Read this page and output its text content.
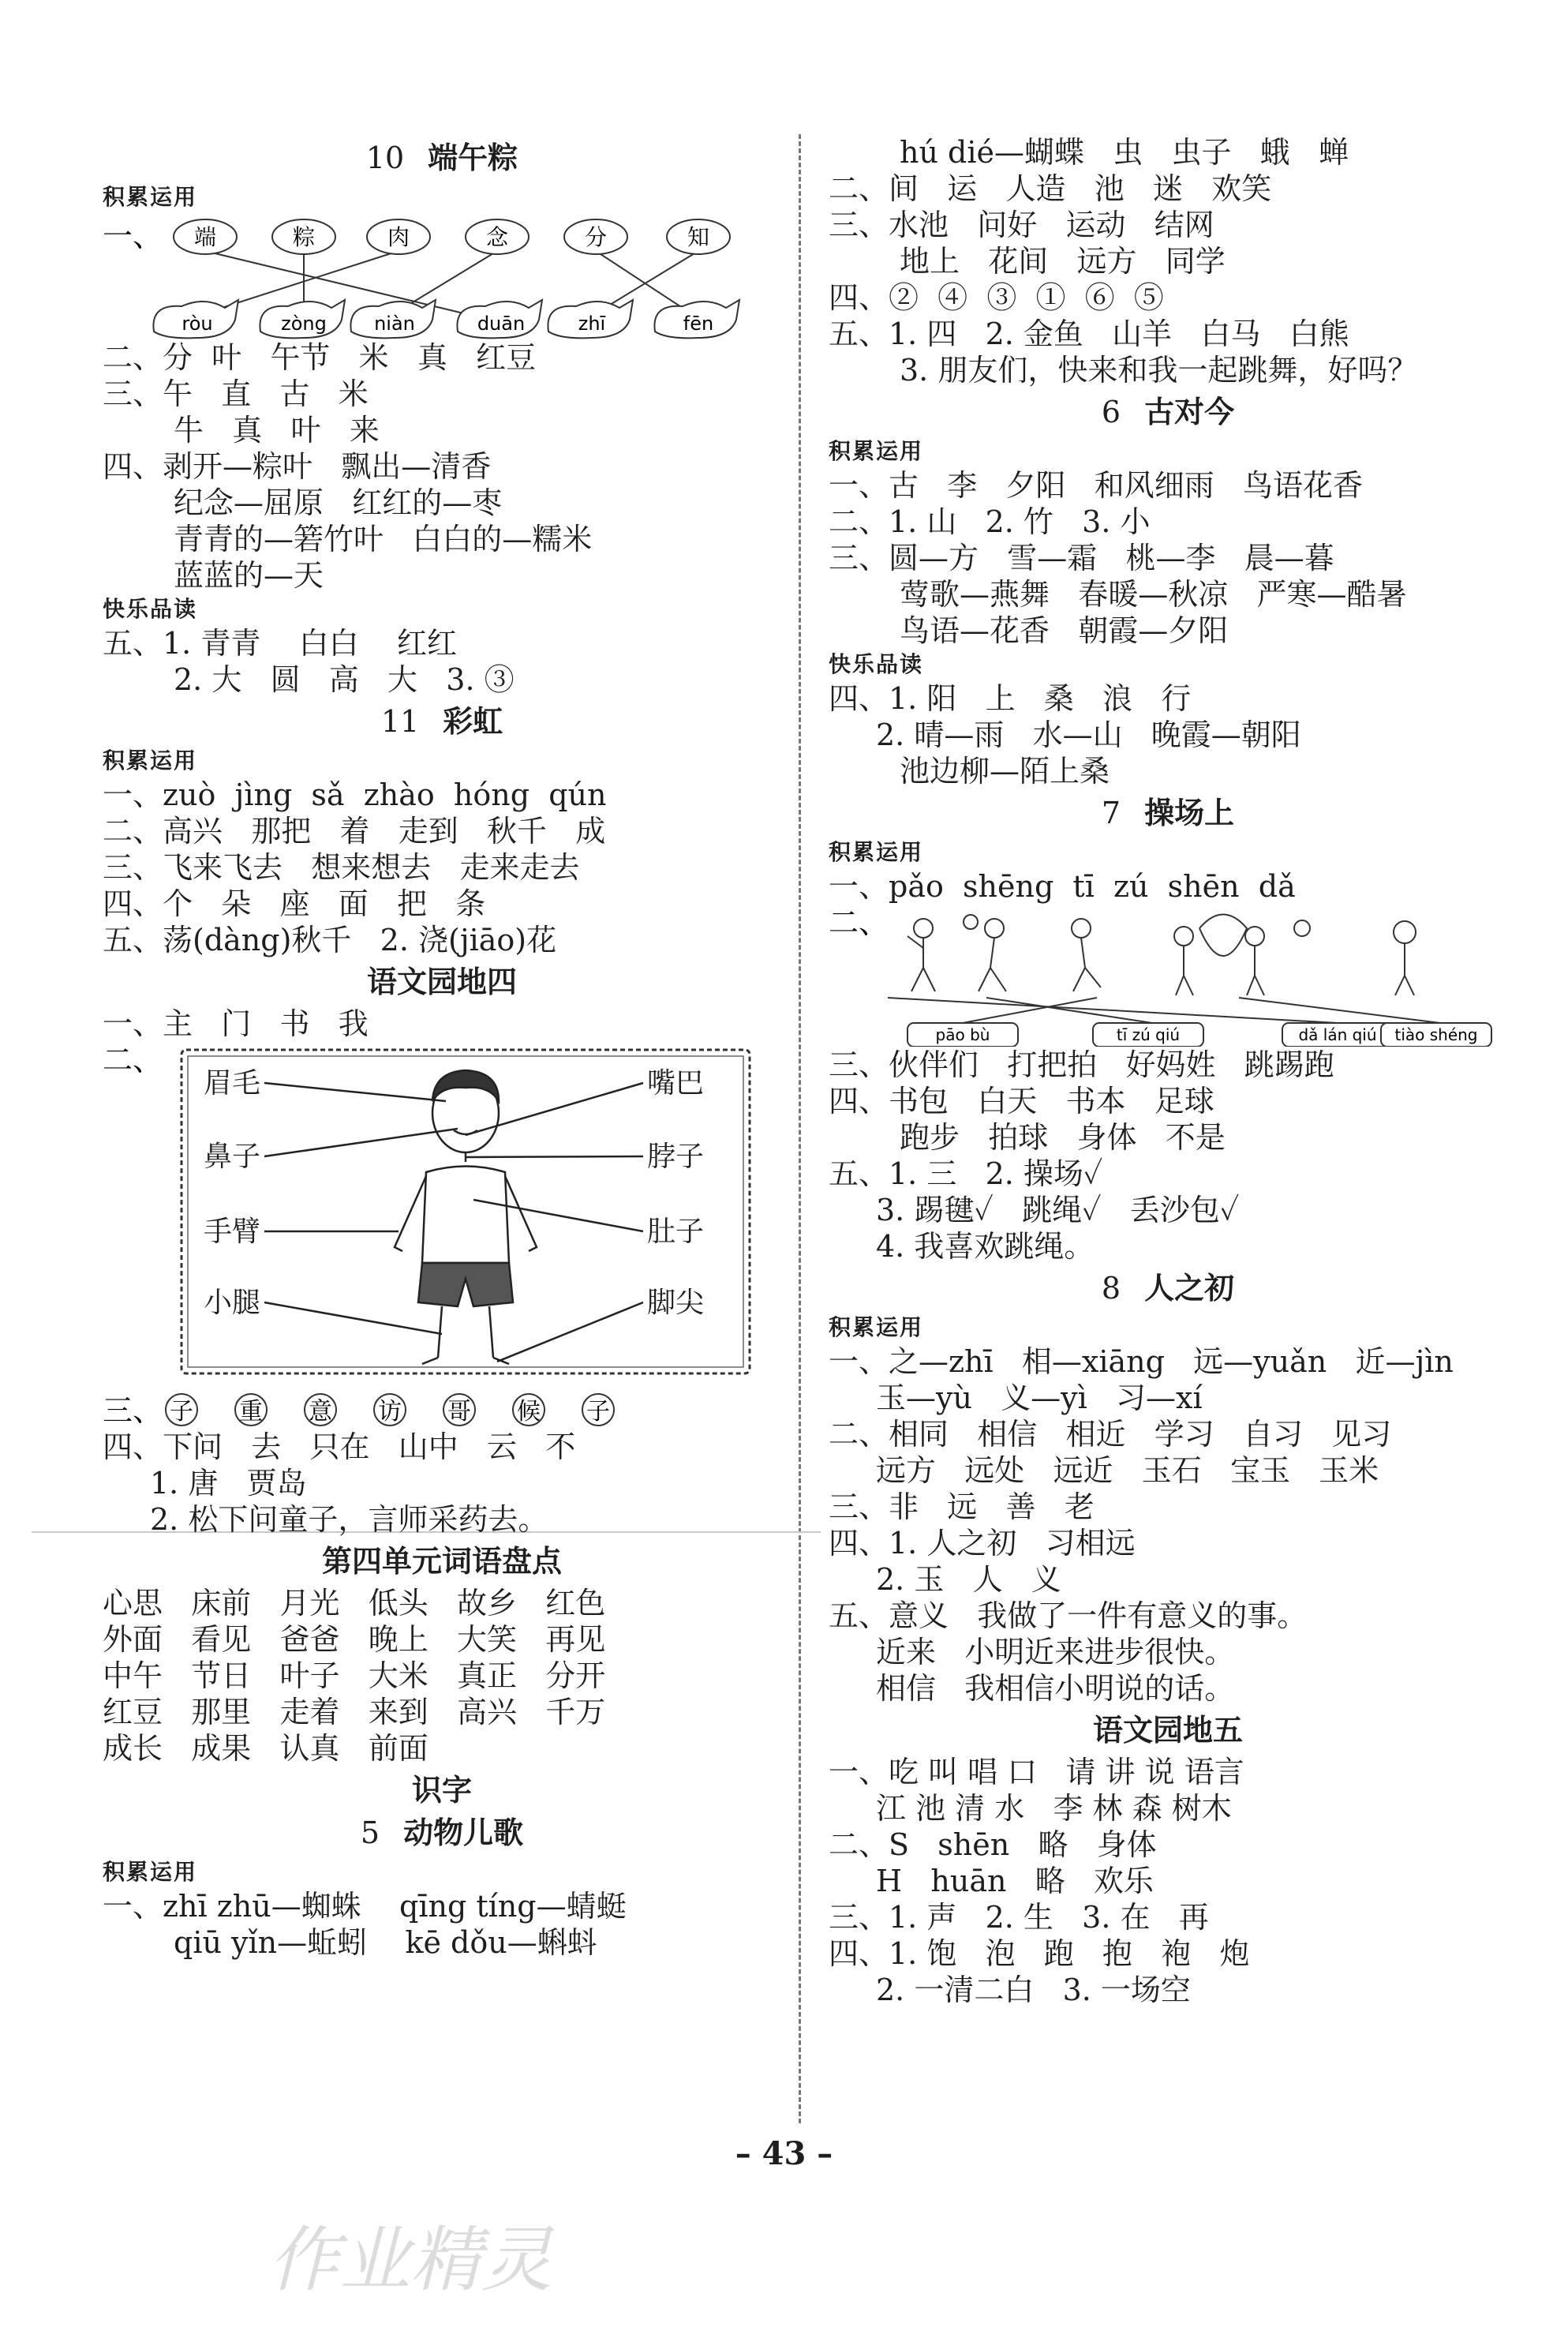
10 端午粽
积累运用
一、 端	粽	肉	念	分	知
ròu	zòng	niàn	duān	zhī	fēn
二、分  叶   午节   米   真   红豆
三、午   直   古   米
牛   真   叶   来
四、剥开—粽叶   飘出—清香
纪念—屈原   红红的—枣
青青的—箬竹叶   白白的—糯米
蓝蓝的—天
快乐品读
五、1. 青青    白白    红红
2. 大   圆   高   大   3. ③
11 彩虹
积累运用
一、zuò  jìng  sǎ  zhào  hóng  qún
二、高兴   那把   着   走到   秋千   成
三、飞来飞去   想来想去   走来走去
四、个   朵   座   面   把   条
五、荡(dàng)秋千   2. 浇(jiāo)花
语文园地四
一、主   门   书   我
二、
眉毛
鼻子
手臂
小腿
嘴巴
脖子
肚子
脚尖
三、 子 重 意 访 哥 候 子
四、下问   去   只在   山中   云   不
1. 唐   贾岛
2. 松下问童子，言师采药去。
第四单元词语盘点
心思   床前   月光   低头   故乡   红色
外面   看见   爸爸   晚上   大笑   再见
中午   节日   叶子   大米   真正   分开
红豆   那里   走着   来到   高兴   千万
成长   成果   认真   前面
识字
5 动物儿歌
积累运用
一、zhī zhū—蜘蛛    qīng tíng—蜻蜓
qiū yǐn—蚯蚓    kē dǒu—蝌蚪
hú dié—蝴蝶   虫   虫子   蛾   蝉
二、间   运   人造   池   迷   欢笑
三、水池   问好   运动   结网
地上   花间   远方   同学
四、②  ④  ③  ①  ⑥  ⑤
五、1. 四   2. 金鱼   山羊   白马   白熊
3. 朋友们，快来和我一起跳舞，好吗？
6 古对今
积累运用
一、古   李   夕阳   和风细雨   鸟语花香
二、1. 山   2. 竹   3. 小
三、圆—方   雪—霜   桃—李   晨—暮
莺歌—燕舞   春暖—秋凉   严寒—酷暑
鸟语—花香   朝霞—夕阳
快乐品读
四、1. 阳   上   桑   浪   行
2. 晴—雨   水—山   晚霞—朝阳
池边柳—陌上桑
7 操场上
积累运用
一、pǎo  shēng  tī  zú  shēn  dǎ
二、
pāo bù	tī zú qiú	dǎ lán qiú tiào shéng
三、伙伴们   打把拍   好妈姓   跳踢跑
四、书包   白天   书本   足球
跑步   拍球   身体   不是
五、1. 三   2. 操场✓
3. 踢毽✓   跳绳✓   丢沙包✓
4. 我喜欢跳绳。
8 人之初
积累运用
一、之—zhī   相—xiāng   远—yuǎn   近—jìn
玉—yù   义—yì   习—xí
二、相同   相信   相近   学习   自习   见习
远方   远处   远近   玉石   宝玉   玉米
三、非   远   善   老
四、1. 人之初   习相远
2. 玉   人   义
五、意义   我做了一件有意义的事。
近来   小明近来进步很快。
相信   我相信小明说的话。
语文园地五
一、吃 叫 唱 口   请 讲 说 语言
江 池 清 水   李 林 森 树木
二、S   shēn   略   身体
H   huān   略   欢乐
三、1. 声   2. 生   3. 在   再
四、1. 饱   泡   跑   抱   袍   炮
2. 一清二白   3. 一场空
– 43 –
作业精灵
